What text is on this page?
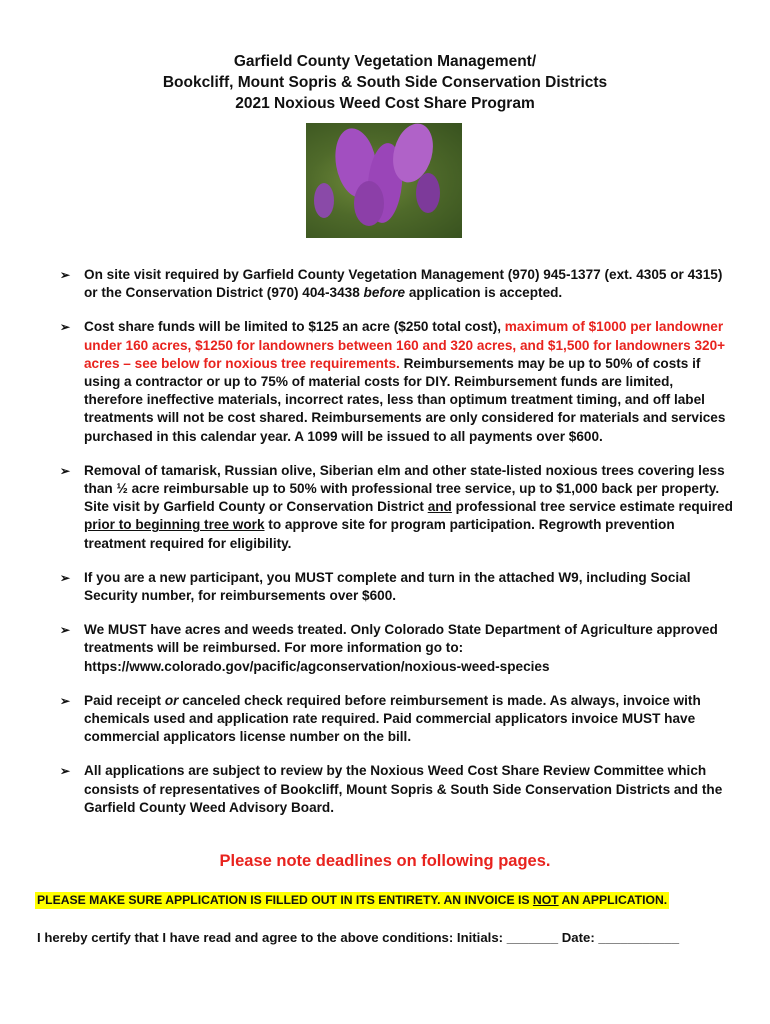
Garfield County Vegetation Management/
Bookcliff, Mount Sopris & South Side Conservation Districts
2021 Noxious Weed Cost Share Program
➢ On site visit required by Garfield County Vegetation Management (970) 945-1377 (ext. 4305 or 4315) or the Conservation District (970) 404-3438 before application is accepted.
➢ Cost share funds will be limited to $125 an acre ($250 total cost), maximum of $1000 per landowner under 160 acres, $1250 for landowners between 160 and 320 acres, and $1,500 for landowners 320+ acres – see below for noxious tree requirements. Reimbursements may be up to 50% of costs if using a contractor or up to 75% of material costs for DIY. Reimbursement funds are limited, therefore ineffective materials, incorrect rates, less than optimum treatment timing, and off label treatments will not be cost shared. Reimbursements are only considered for materials and services purchased in this calendar year. A 1099 will be issued to all payments over $600.
➢ Removal of tamarisk, Russian olive, Siberian elm and other state-listed noxious trees covering less than ½ acre reimbursable up to 50% with professional tree service, up to $1,000 back per property. Site visit by Garfield County or Conservation District and professional tree service estimate required prior to beginning tree work to approve site for program participation. Regrowth prevention treatment required for eligibility.
➢ If you are a new participant, you MUST complete and turn in the attached W9, including Social Security number, for reimbursements over $600.
➢ We MUST have acres and weeds treated. Only Colorado State Department of Agriculture approved treatments will be reimbursed. For more information go to: https://www.colorado.gov/pacific/agconservation/noxious-weed-species
➢ Paid receipt or canceled check required before reimbursement is made. As always, invoice with chemicals used and application rate required. Paid commercial applicators invoice MUST have commercial applicators license number on the bill.
➢ All applications are subject to review by the Noxious Weed Cost Share Review Committee which consists of representatives of Bookcliff, Mount Sopris & South Side Conservation Districts and the Garfield County Weed Advisory Board.
Please note deadlines on following pages.
PLEASE MAKE SURE APPLICATION IS FILLED OUT IN ITS ENTIRETY. AN INVOICE IS NOT AN APPLICATION.
I hereby certify that I have read and agree to the above conditions: Initials: _______ Date: ___________
